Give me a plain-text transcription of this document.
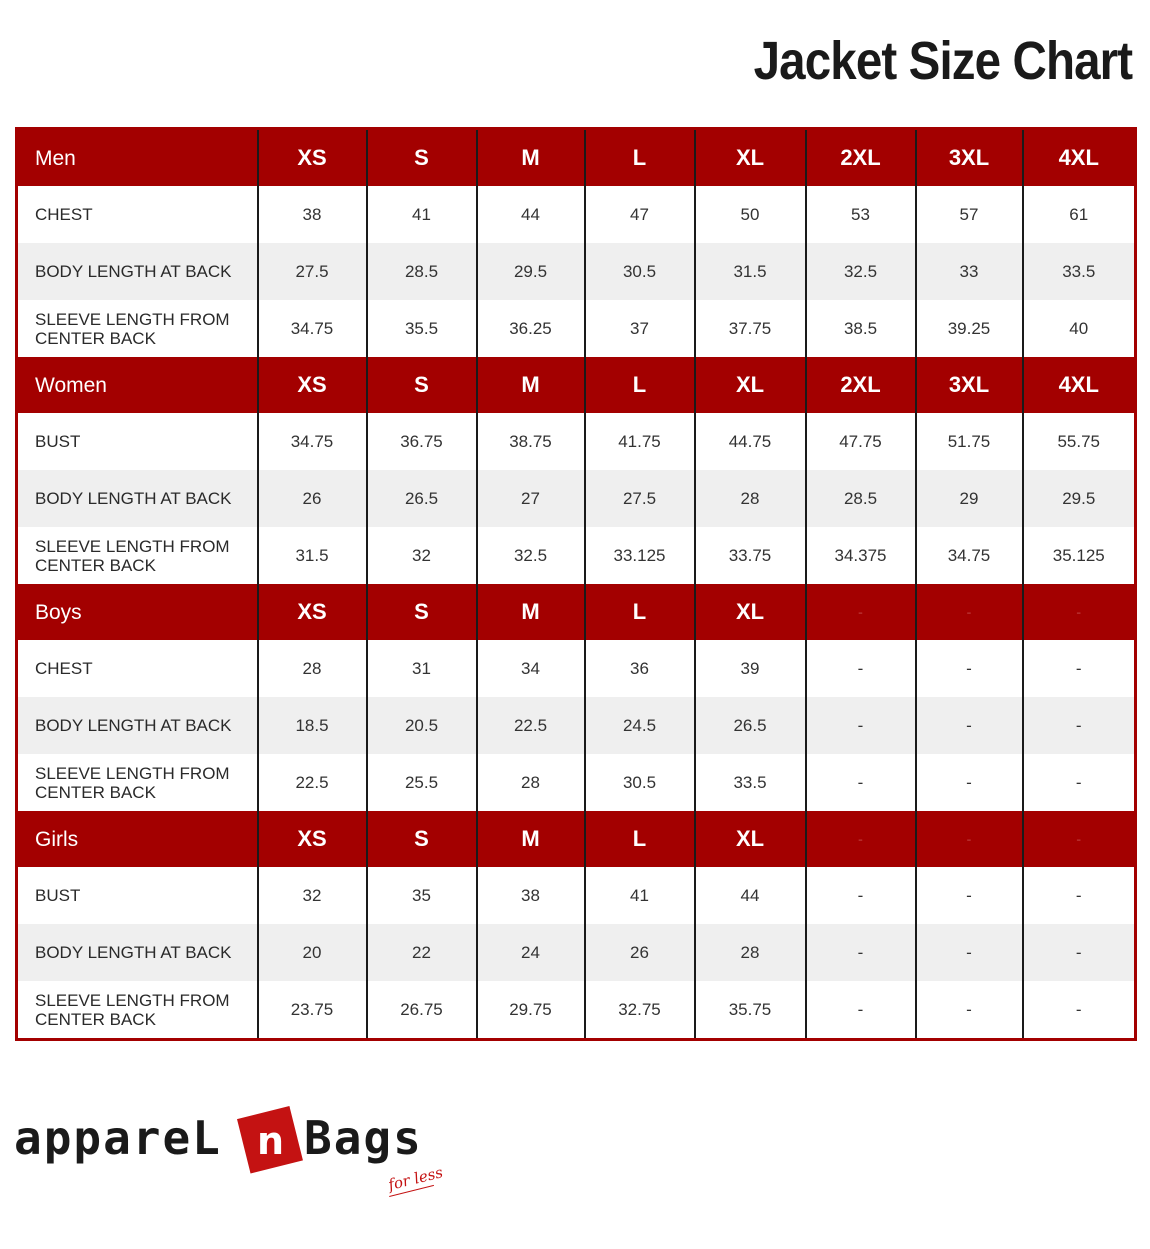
Jacket Size Chart
Men	XS	S	M	L	XL	2XL	3XL	4XL
CHEST	38	41	44	47	50	53	57	61
BODY LENGTH AT BACK	27.5	28.5	29.5	30.5	31.5	32.5	33	33.5
SLEEVE LENGTH FROM
CENTER BACK	34.75	35.5	36.25	37	37.75	38.5	39.25	40
Women	XS	S	M	L	XL	2XL	3XL	4XL
BUST	34.75	36.75	38.75	41.75	44.75	47.75	51.75	55.75
BODY LENGTH AT BACK	26	26.5	27	27.5	28	28.5	29	29.5
SLEEVE LENGTH FROM
CENTER BACK	31.5	32	32.5	33.125	33.75	34.375	34.75	35.125
Boys	XS	S	M	L	XL	-	-	-
CHEST	28	31	34	36	39	-	-	-
BODY LENGTH AT BACK	18.5	20.5	22.5	24.5	26.5	-	-	-
SLEEVE LENGTH FROM
CENTER BACK	22.5	25.5	28	30.5	33.5	-	-	-
Girls	XS	S	M	L	XL	-	-	-
BUST	32	35	38	41	44	-	-	-
BODY LENGTH AT BACK	20	22	24	26	28	-	-	-
SLEEVE LENGTH FROM
CENTER BACK	23.75	26.75	29.75	32.75	35.75	-	-	-
appareL n Bags
for less
